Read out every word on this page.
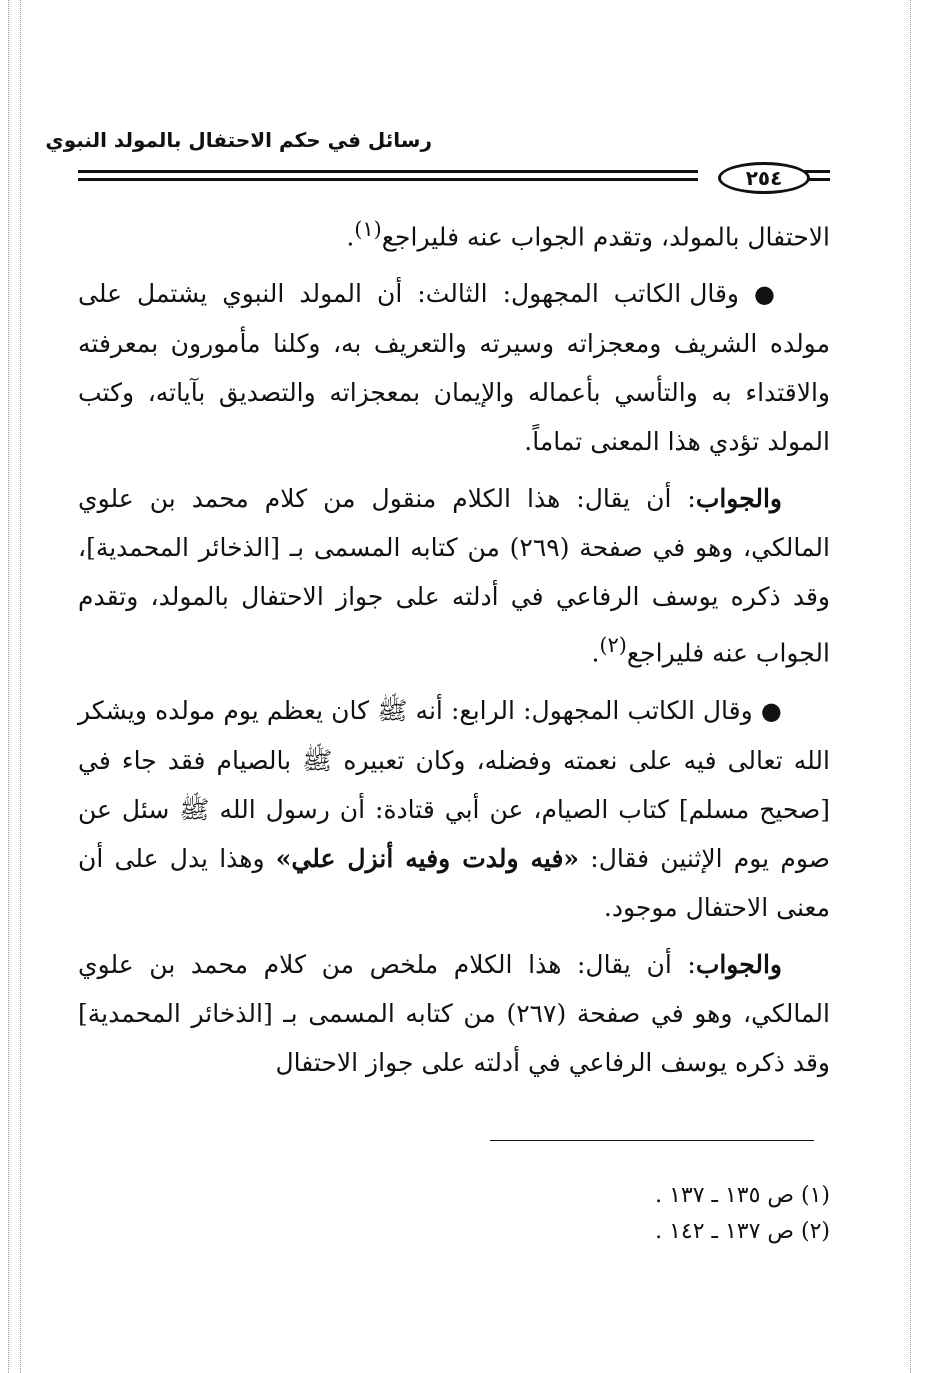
رسائل في حكم الاحتفال بالمولد النبوي
٢٥٤

الاحتفال بالمولد، وتقدم الجواب عنه فليراجع$^{(١)}$.

● وقال الكاتب المجهول: الثالث: أن المولد النبوي يشتمل على مولده الشريف ومعجزاته وسيرته والتعريف به، وكلنا مأمورون بمعرفته والاقتداء به والتأسي بأعماله والإيمان بمعجزاته والتصديق بآياته، وكتب المولد تؤدي هذا المعنى تماماً.

والجواب: أن يقال: هذا الكلام منقول من كلام محمد بن علوي المالكي، وهو في صفحة (٢٦٩) من كتابه المسمى بـ [الذخائر المحمدية]، وقد ذكره يوسف الرفاعي في أدلته على جواز الاحتفال بالمولد، وتقدم الجواب عنه فليراجع$^{(٢)}$.

● وقال الكاتب المجهول: الرابع: أنه ﷺ كان يعظم يوم مولده ويشكر الله تعالى فيه على نعمته وفضله، وكان تعبيره ﷺ بالصيام فقد جاء في [صحيح مسلم] كتاب الصيام، عن أبي قتادة: أن رسول الله ﷺ سئل عن صوم يوم الإثنين فقال: «فيه ولدت وفيه أنزل علي» وهذا يدل على أن معنى الاحتفال موجود.

والجواب: أن يقال: هذا الكلام ملخص من كلام محمد بن علوي المالكي، وهو في صفحة (٢٦٧) من كتابه المسمى بـ [الذخائر المحمدية] وقد ذكره يوسف الرفاعي في أدلته على جواز الاحتفال

(١) ص ١٣٥ ـ ١٣٧ .
(٢) ص ١٣٧ ـ ١٤٢ .
